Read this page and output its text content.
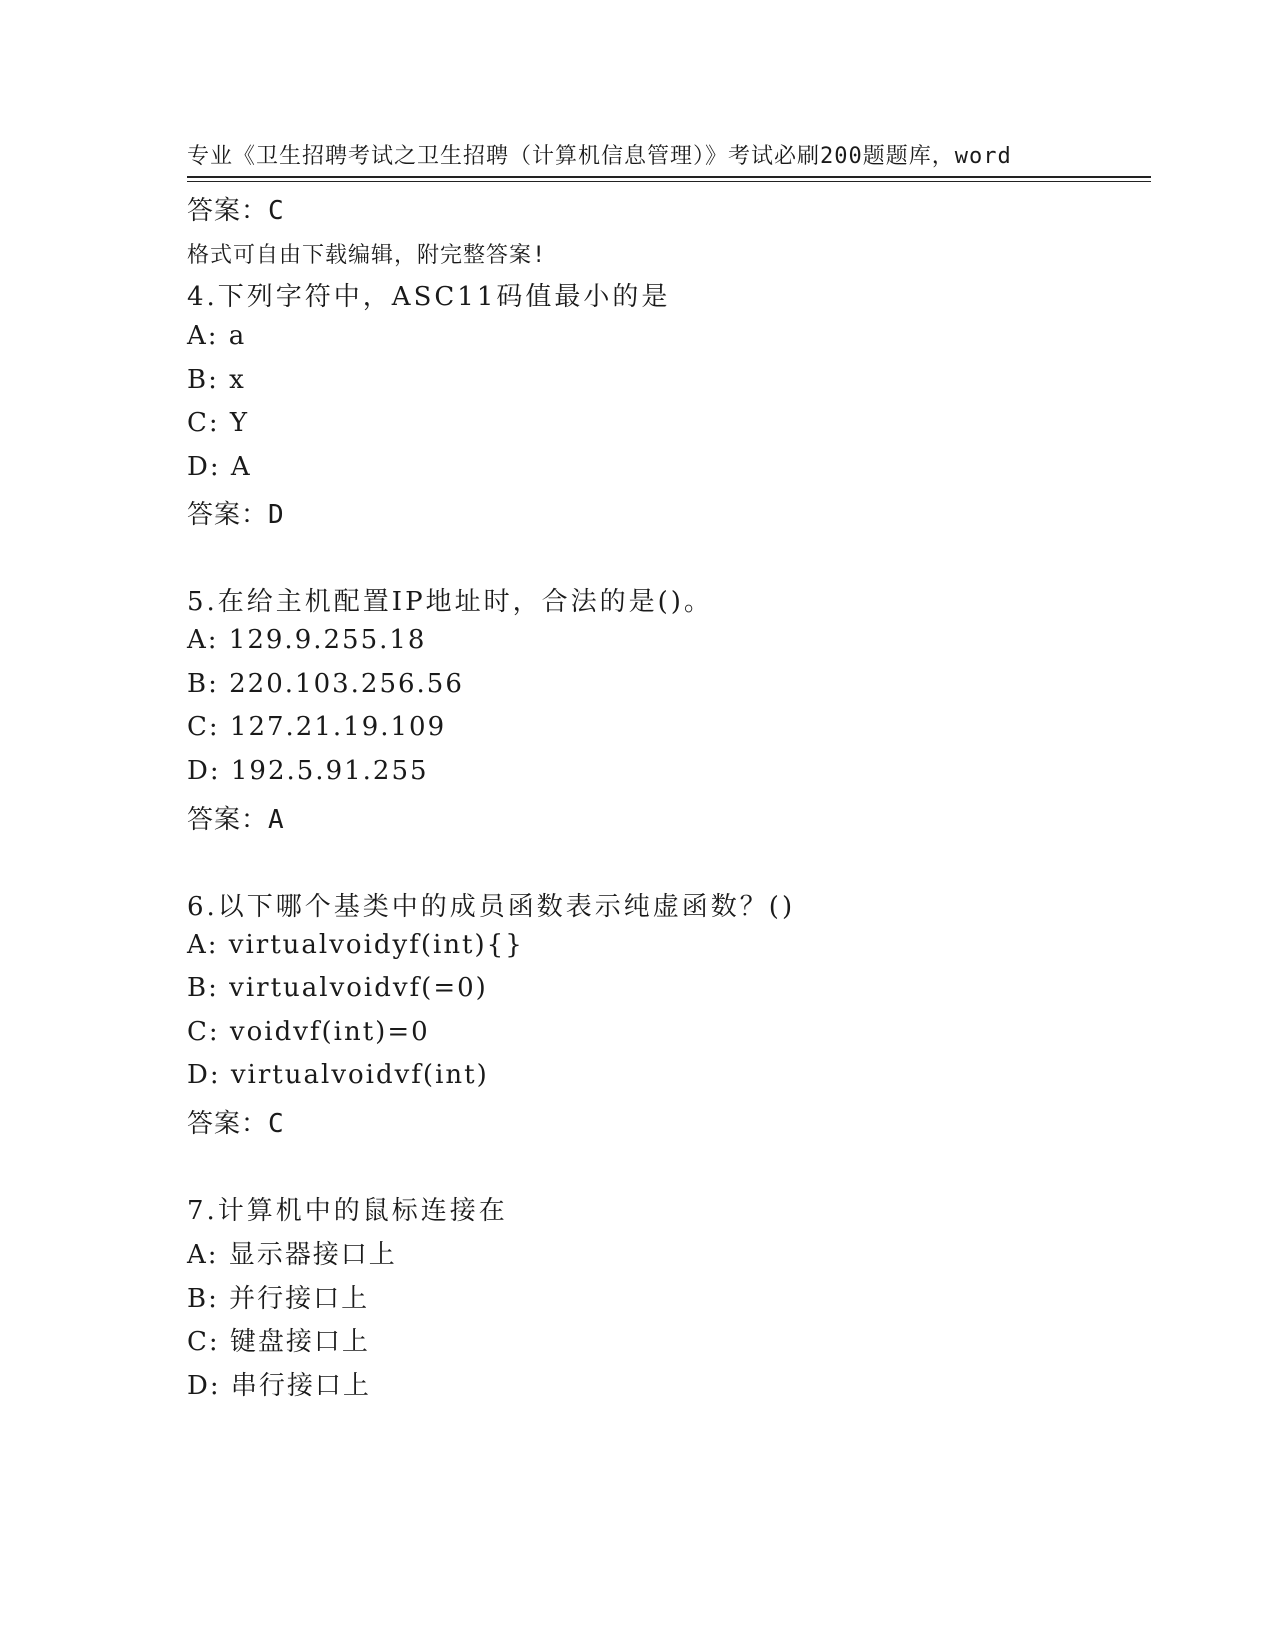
专业《卫生招聘考试之卫生招聘（计算机信息管理）》考试必刷200题题库，word

格式可自由下载编辑，附完整答案!

答案：C
4.下列字符中，ASC11码值最小的是
A: a
B: x
C: Y
D: A
答案：D
5.在给主机配置IP地址时，合法的是()。
A: 129.9.255.18
B: 220.103.256.56
C: 127.21.19.109
D: 192.5.91.255
答案：A
6.以下哪个基类中的成员函数表示纯虚函数？()
A: virtualvoidyf(int){}
B: virtualvoidvf(=0)
C: voidvf(int)=0
D: virtualvoidvf(int)
答案：C
7.计算机中的鼠标连接在
A: 显示器接口上
B: 并行接口上
C: 键盘接口上
D: 串行接口上
